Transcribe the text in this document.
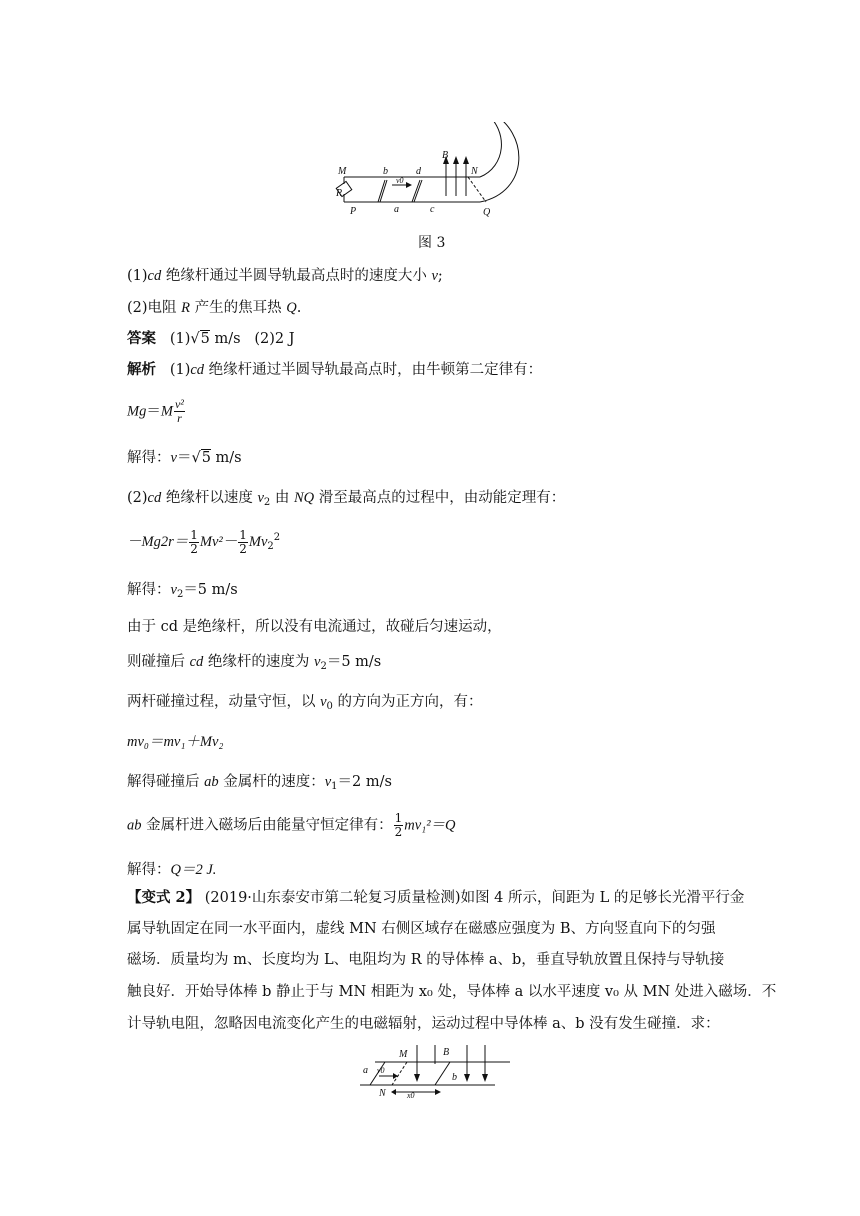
M
R
P
b
a
v0
d
c
B
N
Q
图 3
(1)cd 绝缘杆通过半圆导轨最高点时的速度大小 v;
(2)电阻 R 产生的焦耳热 Q.
答案 (1)√5 m/s (2)2 J
解析 (1)cd 绝缘杆通过半圆导轨最高点时，由牛顿第二定律有：
$Mg=M \frac{\text{v²}}{r}$
解得：v＝√5 m/s
(2)cd 绝缘杆以速度 $v_2$ 由 NQ 滑至最高点的过程中，由动能定理有：
$-Mg2r= \frac{1}{2} Mv^2- \frac{1}{2} Mv_2^2$
解得：$v_2=5$ m/s
由于 cd 是绝缘杆，所以没有电流通过，故碰后匀速运动，
则碰撞后 cd 绝缘杆的速度为 $v_2=5$ m/s
两杆碰撞过程，动量守恒，以 $v_0$ 的方向为正方向，有：
mv₀＝mv₁＋Mv₂
解得碰撞后 ab 金属杆的速度：$v_1=2$ m/s
ab 金属杆进入磁场后由能量守恒定律有： $\frac{1}{2} mv_1^2=Q$
解得：Q＝2 J.
【变式 2】 (2019·山东泰安市第二轮复习质量检测)如图 4 所示，间距为 L 的足够长光滑平行金
属导轨固定在同一水平面内，虚线 MN 右侧区域存在磁感应强度为 B、方向竖直向下的匀强
磁场．质量均为 m、长度均为 L、电阻均为 R 的导体棒 a、b，垂直导轨放置且保持与导轨接
触良好．开始导体棒 b 静止于与 MN 相距为 x₀ 处，导体棒 a 以水平速度 v₀ 从 MN 处进入磁场．不
计导轨电阻，忽略因电流变化产生的电磁辐射，运动过程中导体棒 a、b 没有发生碰撞．求：
M	B
a v0
b
N	x0
